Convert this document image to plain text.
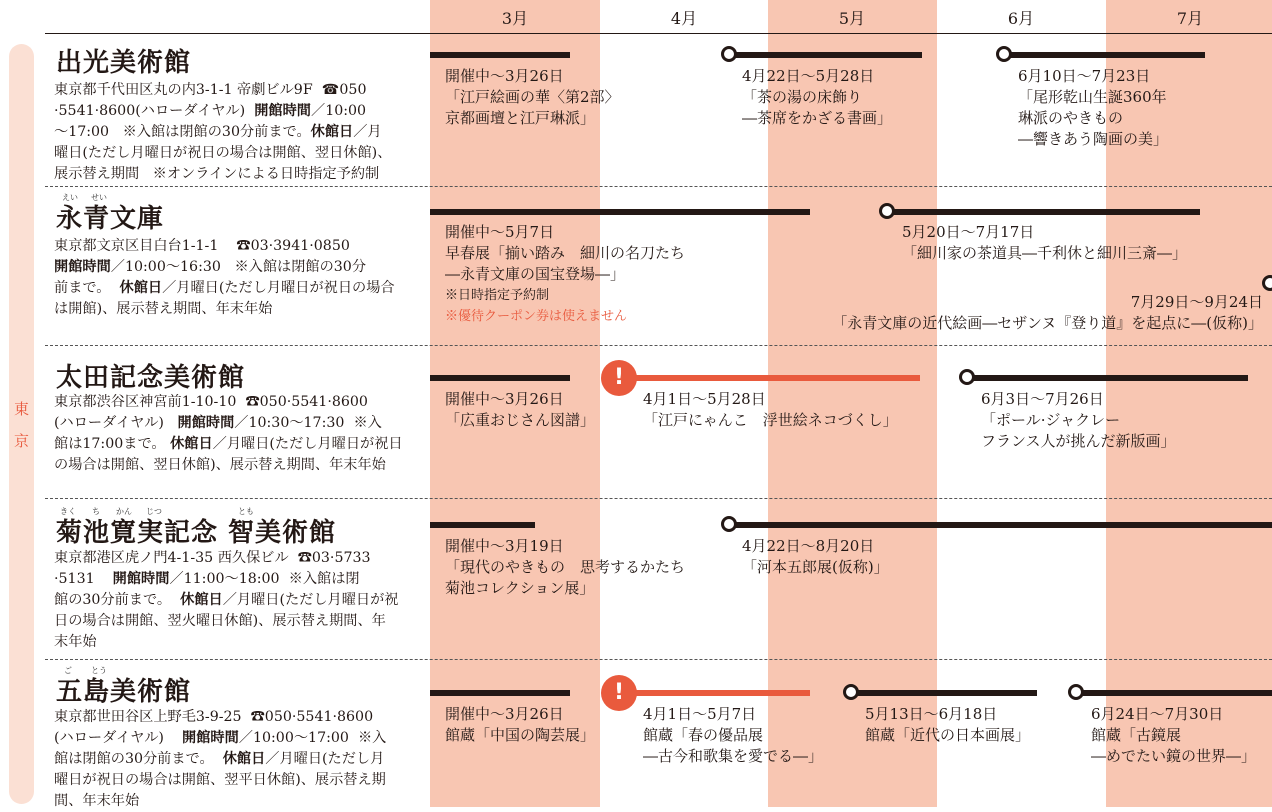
3月	4月	5月	6月	7月
東
京
出光美術館
東京都千代田区丸の内3-1-1 帝劇ビル9F ☎050
·5541·8600(ハローダイヤル) 開館時間／10:00
～17:00 ※入館は閉館の30分前まで。休館日／月
曜日(ただし月曜日が祝日の場合は開館、翌日休館)、
展示替え期間 ※オンラインによる日時指定予約制
開催中～3月26日
「江戸絵画の華〈第2部〉
京都画壇と江戸琳派」
4月22日～5月28日
「茶の湯の床飾り
―茶席をかざる書画」
6月10日～7月23日
「尾形乾山生誕360年
琳派のやきもの
―響きあう陶画の美」
えい せい
永青文庫
東京都文京区目白台1-1-1 ☎03·3941·0850
開館時間／10:00～16:30 ※入館は閉館の30分
前まで。 休館日／月曜日(ただし月曜日が祝日の場合
は開館)、展示替え期間、年末年始
開催中～5月7日
早春展「揃い踏み　細川の名刀たち
―永青文庫の国宝登場―」
※日時指定予約制
※優待クーポン券は使えません
5月20日～7月17日
「細川家の茶道具―千利休と細川三斎―」
7月29日～9月24日
「永青文庫の近代絵画―セザンヌ『登り道』を起点に―(仮称)」
太田記念美術館
東京都渋谷区神宮前1-10-10 ☎050·5541·8600
(ハローダイヤル) 開館時間／10:30～17:30 ※入
館は17:00まで。 休館日／月曜日(ただし月曜日が祝日
の場合は開館、翌日休館)、展示替え期間、年末年始
!
開催中～3月26日
「広重おじさん図譜」
4月1日～5月28日
「江戸にゃんこ　浮世絵ネコづくし」
6月3日～7月26日
「ポール·ジャクレー
フランス人が挑んだ新版画」
きく ち かん じつ	とも
菊池寛実記念 智美術館
東京都港区虎ノ門4-1-35 西久保ビル ☎03·5733
·5131 開館時間／11:00～18:00 ※入館は閉
館の30分前まで。 休館日／月曜日(ただし月曜日が祝
日の場合は開館、翌火曜日休館)、展示替え期間、年
末年始
開催中～3月19日
「現代のやきもの　思考するかたち
菊池コレクション展」
4月22日～8月20日
「河本五郎展(仮称)」
ご とう
五島美術館
東京都世田谷区上野毛3-9-25 ☎050·5541·8600
(ハローダイヤル) 開館時間／10:00～17:00 ※入
館は閉館の30分前まで。 休館日／月曜日(ただし月
曜日が祝日の場合は開館、翌平日休館)、展示替え期
間、年末年始
!
開催中～3月26日
館蔵「中国の陶芸展」
4月1日～5月7日
館蔵「春の優品展
―古今和歌集を愛でる―」
5月13日～6月18日
館蔵「近代の日本画展」
6月24日～7月30日
館蔵「古鏡展
―めでたい鏡の世界―」
